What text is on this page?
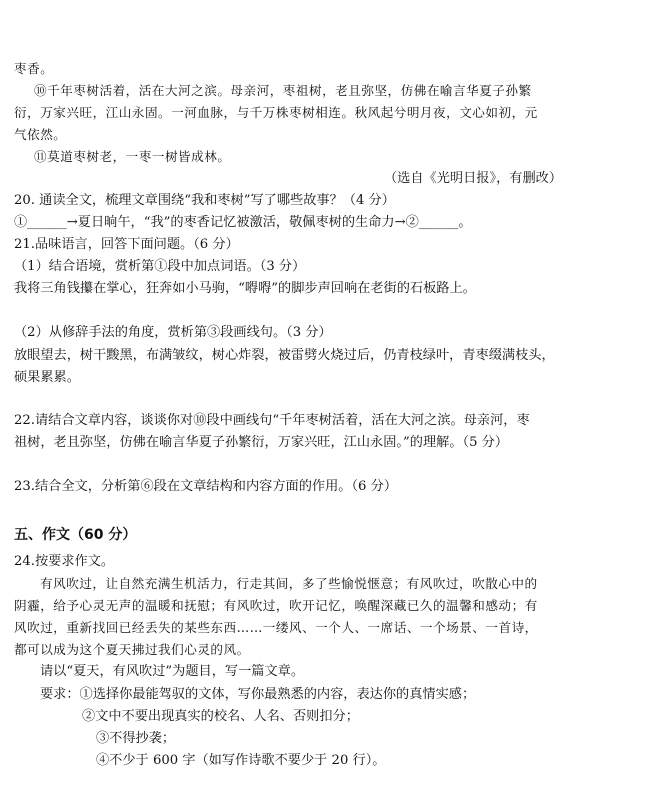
枣香。
⑩千年枣树活着，活在大河之滨。母亲河，枣祖树，老且弥坚，仿佛在喻言华夏子孙繁
衍，万家兴旺，江山永固。一河血脉，与千万株枣树相连。秋风起兮明月夜，文心如初，元
气依然。
⑪莫道枣树老，一枣一树皆成林。
（选自《光明日报》，有删改）
20. 通读全文，梳理文章围绕“我和枣树”写了哪些故事？（4 分）
①______→夏日晌午，“我”的枣香记忆被激活，敬佩枣树的生命力→②______。
21.品味语言，回答下面问题。（6 分）
（1）结合语境，赏析第①段中加点词语。（3 分）
我将三角钱攥在掌心，狂奔如小马驹，“嘚嘚”的脚步声回响在老街的石板路上。
（2）从修辞手法的角度，赏析第③段画线句。（3 分）
放眼望去，树干黢黑，布满皱纹，树心炸裂，被雷劈火烧过后，仍青枝绿叶，青枣缀满枝头，
硕果累累。
22.请结合文章内容，谈谈你对⑩段中画线句“千年枣树活着，活在大河之滨。母亲河，枣
祖树，老且弥坚，仿佛在喻言华夏子孙繁衍，万家兴旺，江山永固。”的理解。（5 分）
23.结合全文，分析第⑥段在文章结构和内容方面的作用。（6 分）
五、作文（60 分）
24.按要求作文。
有风吹过，让自然充满生机活力，行走其间，多了些愉悦惬意；有风吹过，吹散心中的
阴霾，给予心灵无声的温暖和抚慰；有风吹过，吹开记忆，唤醒深藏已久的温馨和感动；有
风吹过，重新找回已经丢失的某些东西……一缕风、一个人、一席话、一个场景、一首诗，
都可以成为这个夏天拂过我们心灵的风。
请以“夏天，有风吹过”为题目，写一篇文章。
要求：①选择你最能驾驭的文体，写你最熟悉的内容，表达你的真情实感；
②文中不要出现真实的校名、人名、否则扣分；
③不得抄袭；
④不少于 600 字（如写作诗歌不要少于 20 行）。
